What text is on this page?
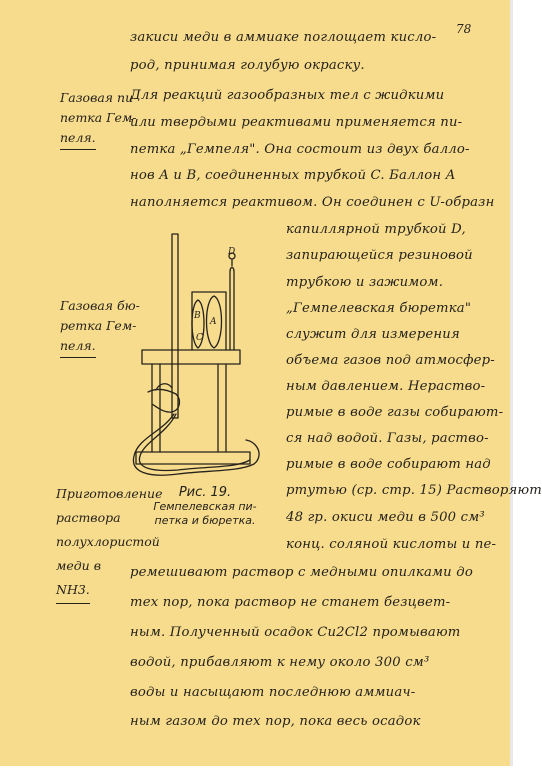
78
Газовая пи-
петка Гем-
пеля.
Газовая бю-
ретка Гем-
пеля.
Приготовление
раствора
полухлористой
меди в
NH3.
закиси меди в аммиаке поглощает кисло-
род, принимая голубую окраску.
Для реакций газообразных тел с жидкими
или твердыми реактивами применяется пи-
петка „Гемпеля". Она состоит из двух балло-
нов A и B, соединенных трубкой C. Баллон A
наполняется реактивом. Он соединен с U-образн
капиллярной трубкой D,
запирающейся резиновой
трубкою и зажимом.
„Гемпелевская бюретка"
служит для измерения
объема газов под атмосфер-
ным давлением. Нераство-
римые в воде газы собирают-
ся над водой. Газы, раство-
римые в воде собирают над
ртутью (ср. стр. 15) Растворяют
48 гр. окиси меди в 500 см³
конц. соляной кислоты и пе-
ремешивают раствор с медными опилками до
тех пор, пока раствор не станет безцвет-
ным. Полученный осадок Cu2Cl2 промывают
водой, прибавляют к нему около 300 см³
воды и насыщают последнюю аммиач-
ным газом до тех пор, пока весь осадок
D
B
A
C
Рис. 19.
Гемпелевская пи-
петка и бюретка.
